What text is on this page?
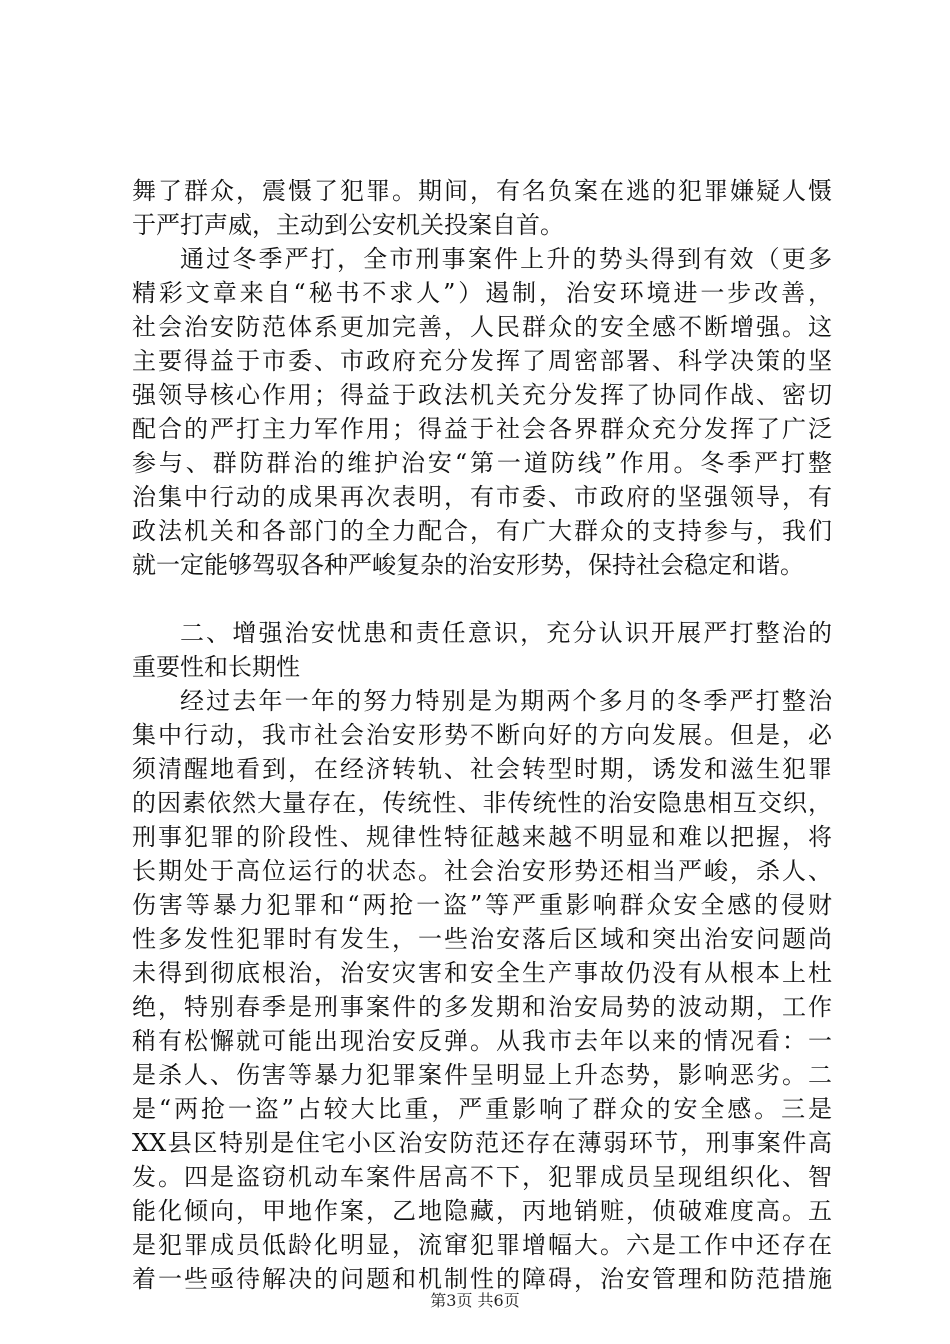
舞了群众，震慑了犯罪。期间，有名负案在逃的犯罪嫌疑人慑
于严打声威，主动到公安机关投案自首。
通过冬季严打，全市刑事案件上升的势头得到有效（更多
精彩文章来自“秘书不求人”）遏制，治安环境进一步改善，
社会治安防范体系更加完善，人民群众的安全感不断增强。这
主要得益于市委、市政府充分发挥了周密部署、科学决策的坚
强领导核心作用；得益于政法机关充分发挥了协同作战、密切
配合的严打主力军作用；得益于社会各界群众充分发挥了广泛
参与、群防群治的维护治安“第一道防线”作用。冬季严打整
治集中行动的成果再次表明，有市委、市政府的坚强领导，有
政法机关和各部门的全力配合，有广大群众的支持参与，我们
就一定能够驾驭各种严峻复杂的治安形势，保持社会稳定和谐。
二、增强治安忧患和责任意识，充分认识开展严打整治的
重要性和长期性
经过去年一年的努力特别是为期两个多月的冬季严打整治
集中行动，我市社会治安形势不断向好的方向发展。但是，必
须清醒地看到，在经济转轨、社会转型时期，诱发和滋生犯罪
的因素依然大量存在，传统性、非传统性的治安隐患相互交织，
刑事犯罪的阶段性、规律性特征越来越不明显和难以把握，将
长期处于高位运行的状态。社会治安形势还相当严峻，杀人、
伤害等暴力犯罪和“两抢一盗”等严重影响群众安全感的侵财
性多发性犯罪时有发生，一些治安落后区域和突出治安问题尚
未得到彻底根治，治安灾害和安全生产事故仍没有从根本上杜
绝，特别春季是刑事案件的多发期和治安局势的波动期，工作
稍有松懈就可能出现治安反弹。从我市去年以来的情况看：一
是杀人、伤害等暴力犯罪案件呈明显上升态势，影响恶劣。二
是“两抢一盗”占较大比重，严重影响了群众的安全感。三是
XX县区特别是住宅小区治安防范还存在薄弱环节，刑事案件高
发。四是盗窃机动车案件居高不下，犯罪成员呈现组织化、智
能化倾向，甲地作案，乙地隐藏，丙地销赃，侦破难度高。五
是犯罪成员低龄化明显，流窜犯罪增幅大。六是工作中还存在
着一些亟待解决的问题和机制性的障碍，治安管理和防范措施
第3页 共6页
